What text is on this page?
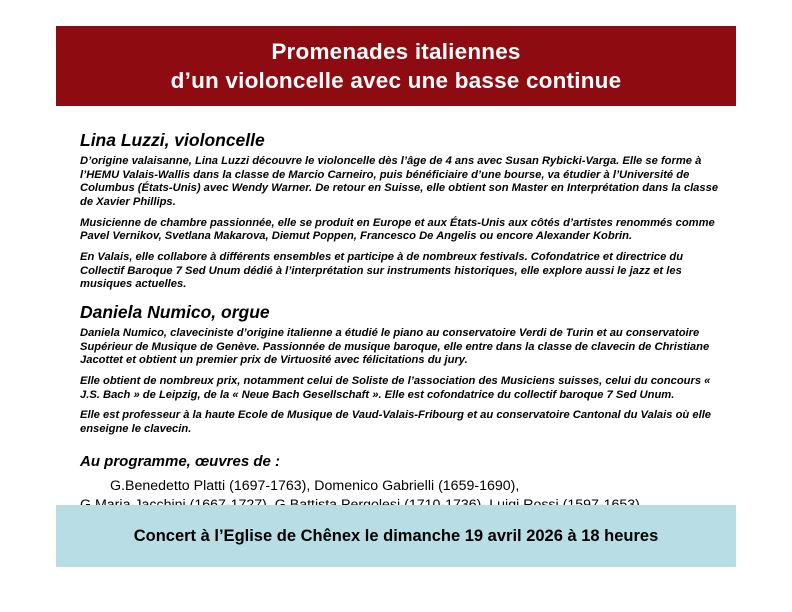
Promenades italiennes
d’un violoncelle avec une basse continue
Lina Luzzi, violoncelle

D’origine valaisanne, Lina Luzzi découvre le violoncelle dès l’âge de 4 ans avec Susan Rybicki-Varga. Elle se forme à l’HEMU Valais-Wallis dans la classe de Marcio Carneiro, puis bénéficiaire d’une bourse, va étudier à l’Université de Columbus (États-Unis) avec Wendy Warner. De retour en Suisse, elle obtient son Master en Interprétation dans la classe de Xavier Phillips.

Musicienne de chambre passionnée, elle se produit en Europe et aux États-Unis aux côtés d’artistes renommés comme Pavel Vernikov, Svetlana Makarova, Diemut Poppen, Francesco De Angelis ou encore Alexander Kobrin.

En Valais, elle collabore à différents ensembles et participe à de nombreux festivals. Cofondatrice et directrice du Collectif Baroque 7 Sed Unum dédié à l’interprétation sur instruments historiques, elle explore aussi le jazz et les musiques actuelles.

Daniela Numico, orgue

Daniela Numico, claveciniste d’origine italienne a étudié le piano au conservatoire Verdi de Turin et au conservatoire Supérieur de Musique de Genève. Passionnée de musique baroque, elle entre dans la classe de clavecin de Christiane Jacottet et obtient un premier prix de Virtuosité avec félicitations du jury.

Elle obtient de nombreux prix, notamment celui de Soliste de l’association des Musiciens suisses, celui du concours « J.S. Bach » de Leipzig, de la « Neue Bach Gesellschaft ». Elle est cofondatrice du collectif baroque 7 Sed Unum.

Elle est professeur à la haute Ecole de Musique de Vaud-Valais-Fribourg et au conservatoire Cantonal du Valais où elle enseigne le clavecin.

Au programme, œuvres de :

G.Benedetto Platti (1697-1763), Domenico Gabrielli (1659-1690),

Concert à l’Eglise de Chênex le dimanche 19 avril 2026 à 18 heures
